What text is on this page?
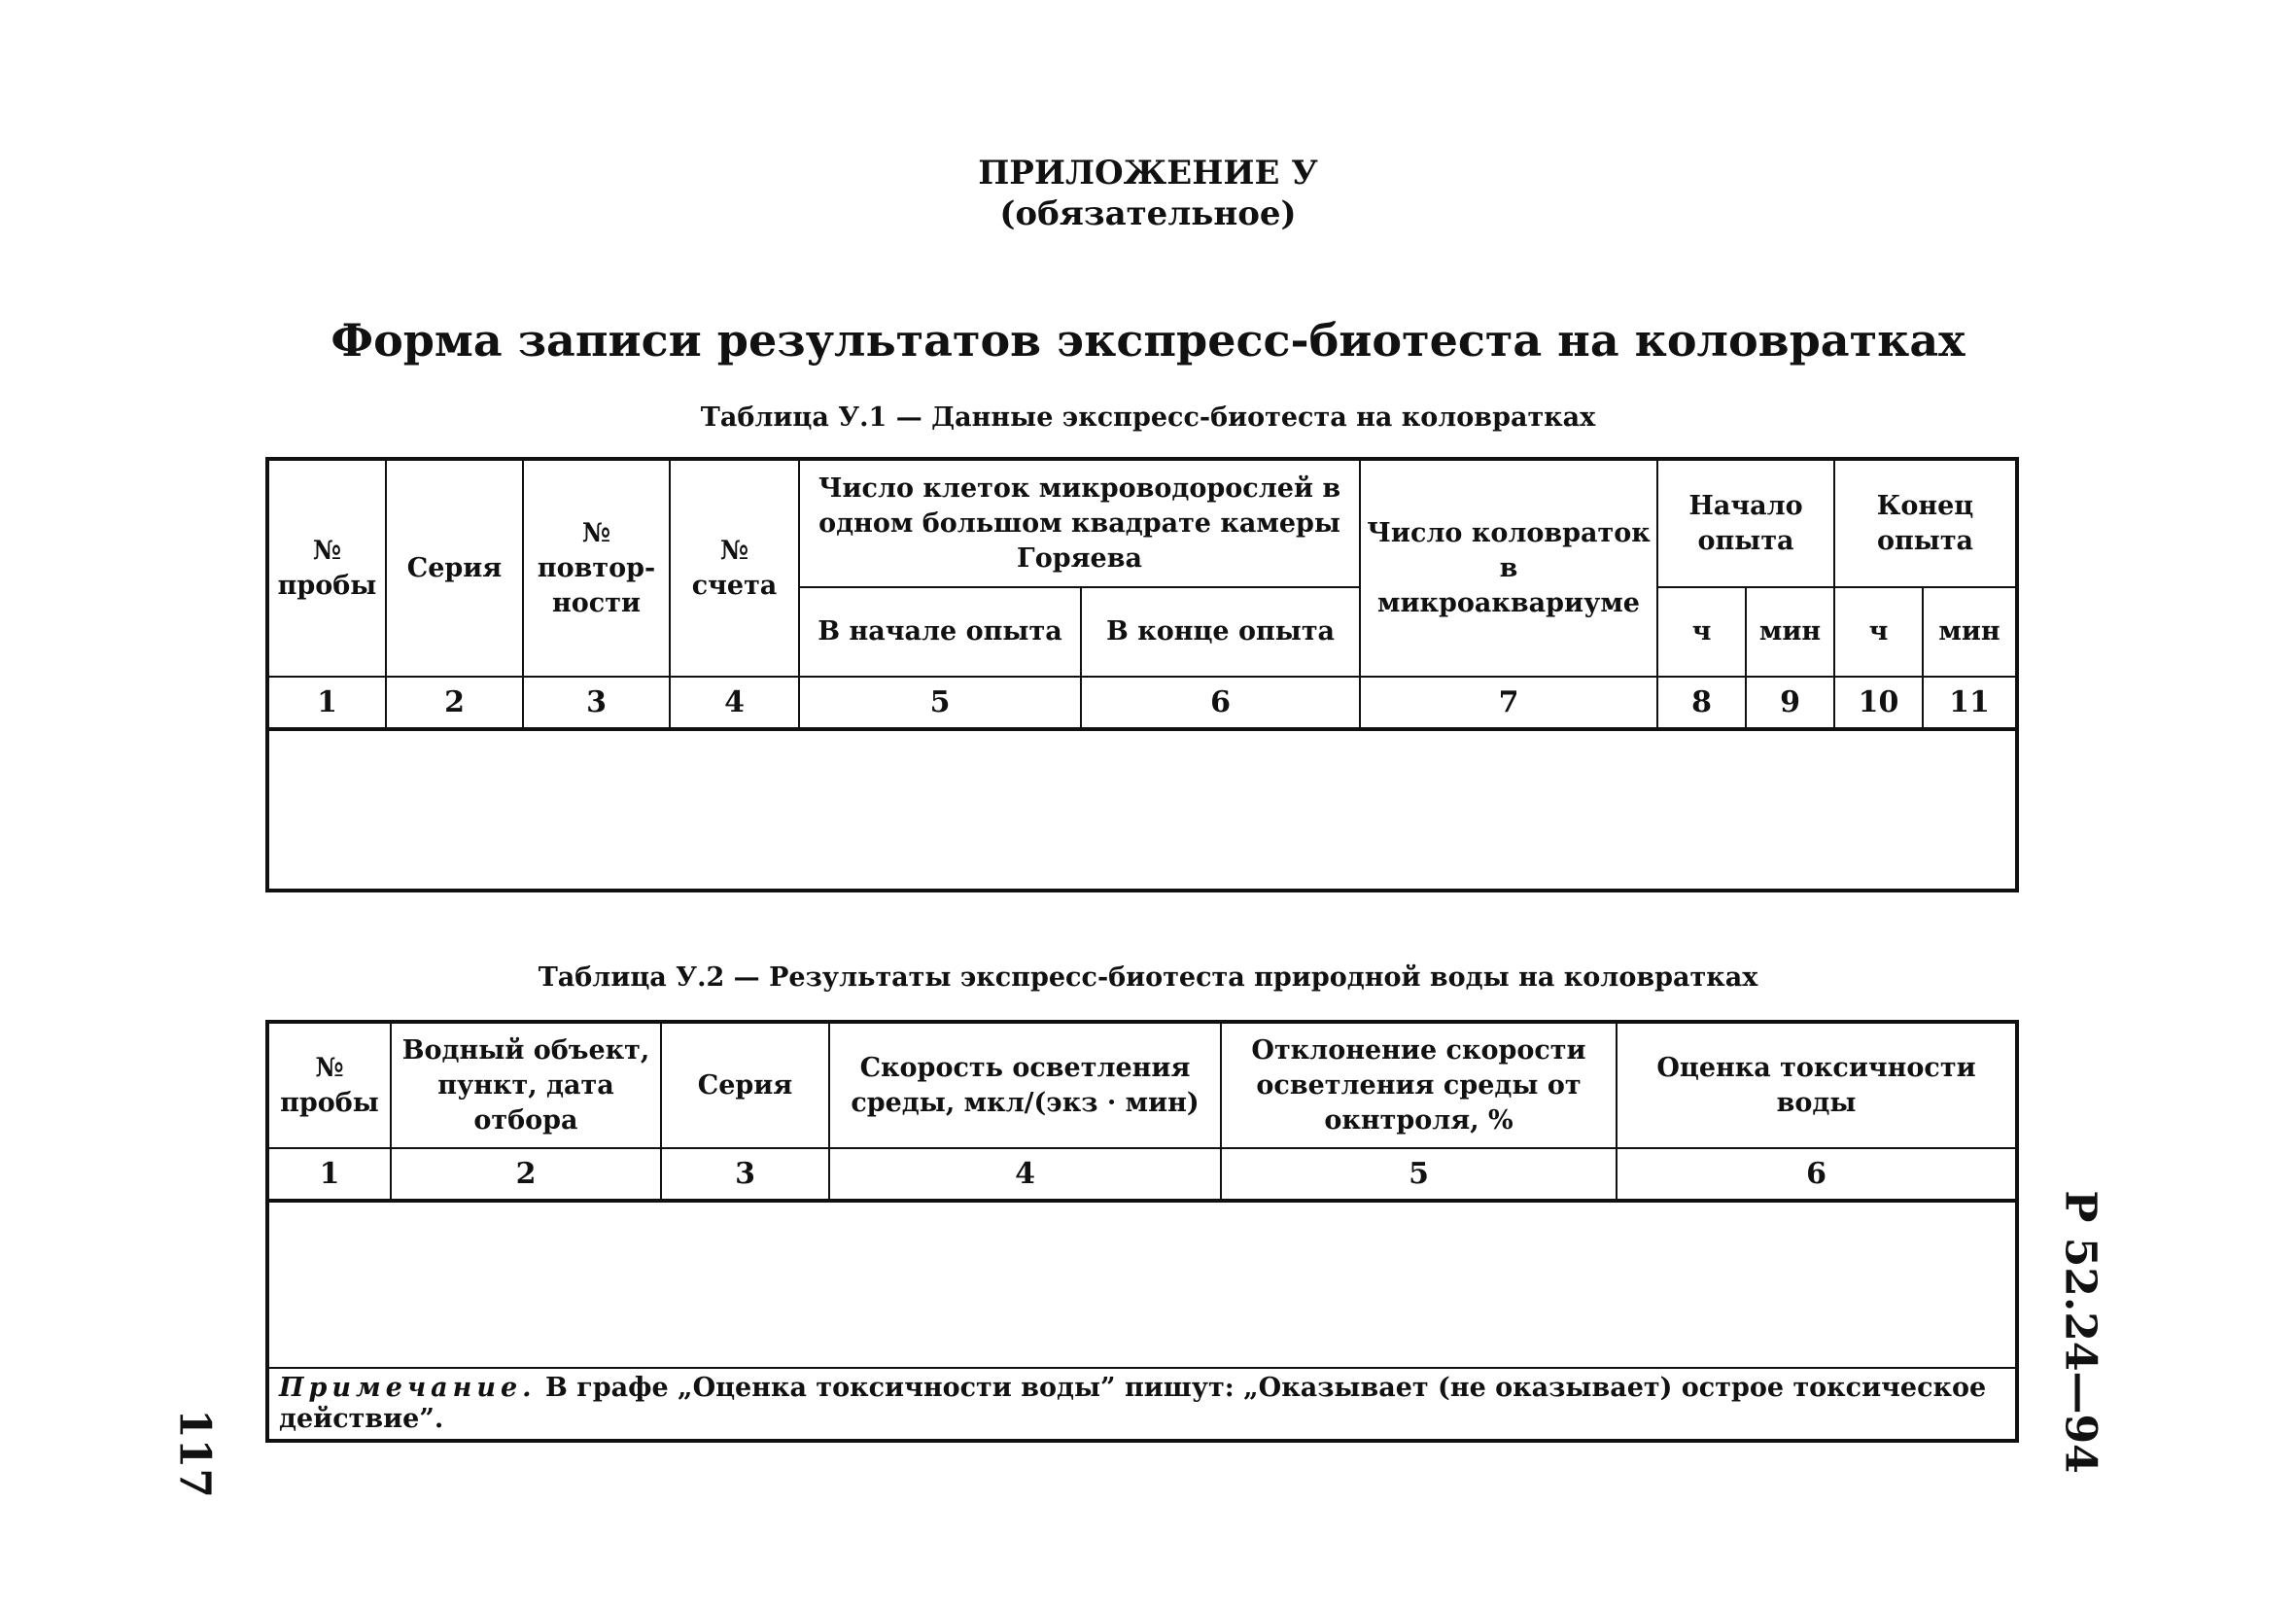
ПРИЛОЖЕНИЕ У
(обязательное)
Форма записи результатов экспресс-биотеста на коловратках
Таблица У.1 — Данные экспресс-биотеста на коловратках
№ пробы	Серия	№ повтор- ности	№ счета	Число клеток микроводорослей в одном большом квадрате камеры Горяева		Число коловраток в микроаквариуме	Начало опыта		Конец опыта	
				В начале опыта	В конце опыта		ч	мин	ч	мин
1	2	3	4	5	6	7	8	9	10	11

Таблица У.2 — Результаты экспресс-биотеста природной воды на коловратках
№ пробы	Водный объект, пункт, дата отбора	Серия	Скорость осветления среды, мкл/(экз · мин)	Отклонение скорости осветления среды от окнтроля, %	Оценка токсичности воды
1	2	3	4	5	6

Примечание. В графе „Оценка токсичности воды” пишут: „Оказывает (не оказывает) острое токсическое действие”.					
117	Р 52.24—94
